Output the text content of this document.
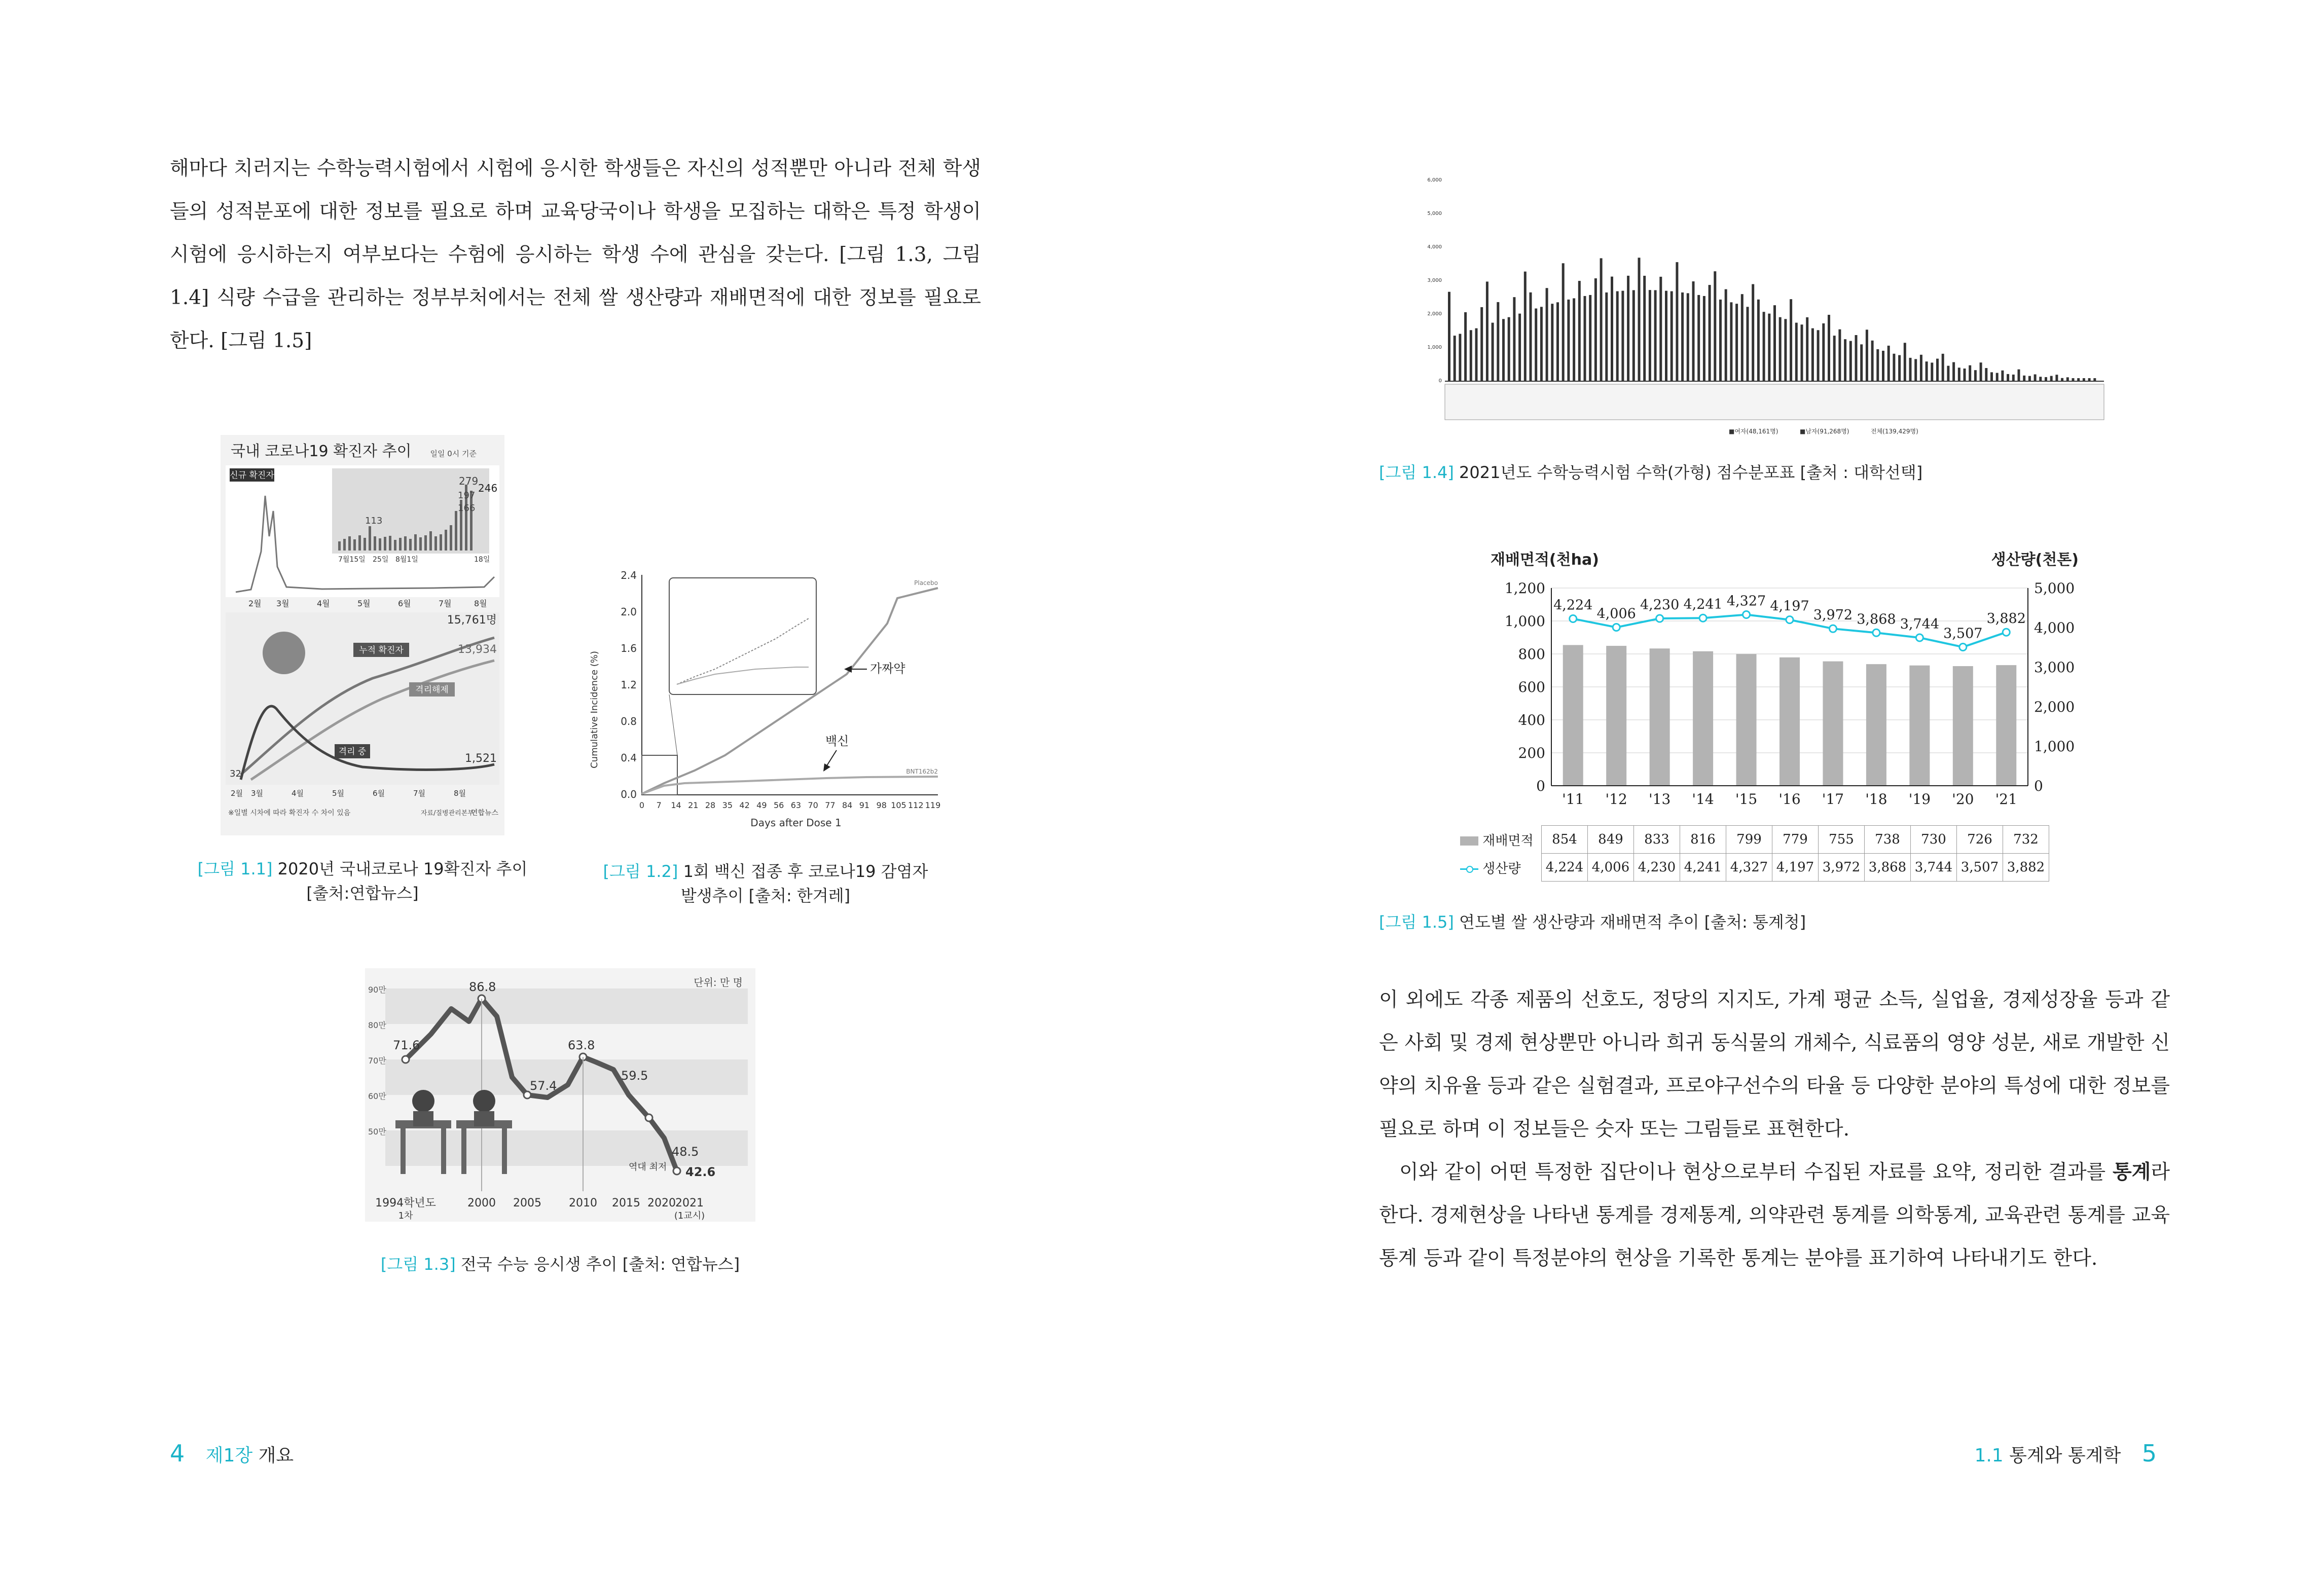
해마다 치러지는 수학능력시험에서 시험에 응시한 학생들은 자신의 성적뿐만 아니라 전체 학생들의 성적분포에 대한 정보를 필요로 하며 교육당국이나 학생을 모집하는 대학은 특정 학생이 시험에 응시하는지 여부보다는 수험에 응시하는 학생 수에 관심을 갖는다. [그림 1.3, 그림 1.4] 식량 수급을 관리하는 정부부처에서는 전체 쌀 생산량과 재배면적에 대한 정보를 필요로 한다. [그림 1.5]

국내 코로나19 확진자 추이 일일 0시 기준
신규 확진자	279
246
197
166
113
7월15일 25일 8월1일	18일
2월 3월	4월	5월	6월	7월	8월
누적 확진자
격리해제
격리 중
15,761명
13,934
1,521
32
2월 3월	4월	5월	6월	7월	8월
※일별 시차에 따라 확진자 수 차이 있음	자료/질병관리본부
연합뉴스
[그림 1.1] 2020년 국내코로나 19확진자 추이
[출처:연합뉴스]
Cumulative Incidence (%)
0.0
0.4
0.8
1.2
1.6
2.0
2.4
0 7 14 21 28 35 42 49 56 63 70 77 84 91 98 105 112 119
Days after Dose 1
Placebo
BNT162b2
가짜약
백신
[그림 1.2] 1회 백신 접종 후 코로나19 감염자
발생추이 [출처: 한겨레]
단위: 만 명
90만
80만
70만
60만
50만
71.6
86.8
57.4
63.8
59.5
48.5
42.6
역대 최저
1994학년도	2000 2005 2010 2015 2020 2021
1차	(1교시)
[그림 1.3] 전국 수능 응시생 추이 [출처: 연합뉴스]
4 제1장 개요
6,000
5,000
4,000
3,000
2,000
1,000
0
■여자(48,161명)	■남자(91,268명)	전체(139,429명)
[그림 1.4] 2021년도 수학능력시험 수학(가형) 점수분포표 [출처 : 대학선택]
재배면적(천ha)	생산량(천톤)
4,224
4,006
4,230 4,241 4,327 4,197
3,972 3,868 3,744
3,507
3,882
1,200
1,000
800
600
400
200
0
5,000
4,000
3,000
2,000
1,000
0
'11 '12 '13 '14 '15 '16 '17 '18 '19 '20 '21
재배면적	854	849	833	816	799	779	755	738	730	726	732

생산량	4,224	4,006	4,230	4,241	4,327	4,197	3,972	3,868	3,744	3,507	3,882
[그림 1.5] 연도별 쌀 생산량과 재배면적 추이 [출처: 통계청]

이 외에도 각종 제품의 선호도, 정당의 지지도, 가계 평균 소득, 실업율, 경제성장율 등과 같은 사회 및 경제 현상뿐만 아니라 희귀 동식물의 개체수, 식료품의 영양 성분, 새로 개발한 신약의 치유율 등과 같은 실험결과, 프로야구선수의 타율 등 다양한 분야의 특성에 대한 정보를 필요로 하며 이 정보들은 숫자 또는 그림들로 표현한다.

이와 같이 어떤 특정한 집단이나 현상으로부터 수집된 자료를 요약, 정리한 결과를 통계라 한다. 경제현상을 나타낸 통계를 경제통계, 의약관련 통계를 의학통계, 교육관련 통계를 교육통계 등과 같이 특정분야의 현상을 기록한 통계는 분야를 표기하여 나타내기도 한다.

1.1 통계와 통계학 5
